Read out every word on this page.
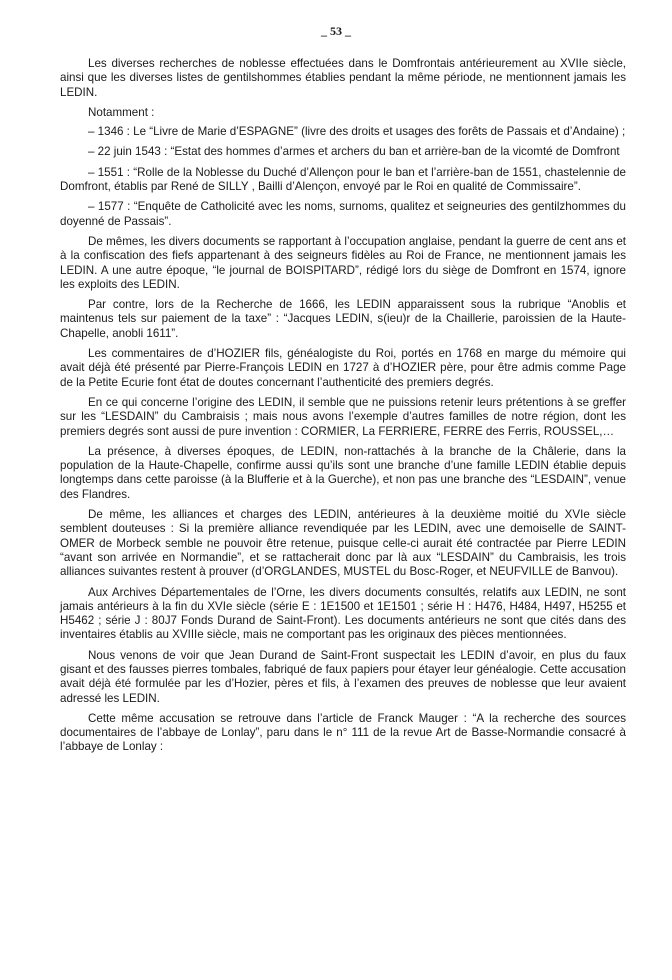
_ 53 _

Les diverses recherches de noblesse effectuées dans le Domfrontais antérieurement au XVIIe siècle, ainsi que les diverses listes de gentilshommes établies pendant la même période, ne mentionnent jamais les LEDIN.

Notamment :

– 1346 : Le “Livre de Marie d’ESPAGNE” (livre des droits et usages des forêts de Passais et d’Andaine) ;

– 22 juin 1543 : “Estat des hommes d’armes et archers du ban et arrière-ban de la vicomté de Domfront

– 1551 : “Rolle de la Noblesse du Duché d’Allençon pour le ban et l’arrière-ban de 1551, chastelennie de Domfront, établis par René de SILLY , Bailli d’Alençon, envoyé par le Roi en qualité de Commissaire”.

– 1577 : “Enquête de Catholicité avec les noms, surnoms, qualitez et seigneuries des gentilzhommes du doyenné de Passais”.

De mêmes, les divers documents se rapportant à l’occupation anglaise, pendant la guerre de cent ans et à la confiscation des fiefs appartenant à des seigneurs fidèles au Roi de France, ne mentionnent jamais les LEDIN. A une autre époque, “le journal de BOISPITARD”, rédigé lors du siège de Domfront en 1574, ignore les exploits des LEDIN.

Par contre, lors de la Recherche de 1666, les LEDIN apparaissent sous la rubrique “Anoblis et maintenus tels sur paiement de la taxe” : “Jacques LEDIN, s(ieu)r de la Chaillerie, paroissien de la Haute-Chapelle, anobli 1611”.

Les commentaires de d’HOZIER fils, généalogiste du Roi, portés en 1768 en marge du mémoire qui avait déjà été présenté par Pierre-François LEDIN en 1727 à d’HOZIER père, pour être admis comme Page de la Petite Ecurie font état de doutes concernant l’authenticité des premiers degrés.

En ce qui concerne l’origine des LEDIN, il semble que ne puissions retenir leurs prétentions à se greffer sur les “LESDAIN” du Cambraisis ; mais nous avons l’exemple d’autres familles de notre région, dont les premiers degrés sont aussi de pure invention : CORMIER, La FERRIERE, FERRE des Ferris, ROUSSEL,…

La présence, à diverses époques, de LEDIN, non-rattachés à la branche de la Châlerie, dans la population de la Haute-Chapelle, confirme aussi qu’ils sont une branche d’une famille LEDIN établie depuis longtemps dans cette paroisse (à la Blufferie et à la Guerche), et non pas une branche des “LESDAIN”, venue des Flandres.

De même, les alliances et charges des LEDIN, antérieures à la deuxième moitié du XVIe siècle semblent douteuses : Si la première alliance revendiquée par les LEDIN, avec une demoiselle de SAINT-OMER de Morbeck semble ne pouvoir être retenue, puisque celle-ci aurait été contractée par Pierre LEDIN “avant son arrivée en Normandie”, et se rattacherait donc par là aux “LESDAIN” du Cambraisis, les trois alliances suivantes restent à prouver (d’ORGLANDES, MUSTEL du Bosc-Roger, et NEUFVILLE de Banvou).

Aux Archives Départementales de l’Orne, les divers documents consultés, relatifs aux LEDIN, ne sont jamais antérieurs à la fin du XVIe siècle (série E : 1E1500 et 1E1501 ; série H : H476, H484, H497, H5255 et H5462 ; série J : 80J7 Fonds Durand de Saint-Front). Les documents antérieurs ne sont que cités dans des inventaires établis au XVIIIe siècle, mais ne comportant pas les originaux des pièces mentionnées.

Nous venons de voir que Jean Durand de Saint-Front suspectait les LEDIN d’avoir, en plus du faux gisant et des fausses pierres tombales, fabriqué de faux papiers pour étayer leur généalogie. Cette accusation avait déjà été formulée par les d’Hozier, pères et fils, à l’examen des preuves de noblesse que leur avaient adressé les LEDIN.

Cette même accusation se retrouve dans l’article de Franck Mauger : “A la recherche des sources documentaires de l’abbaye de Lonlay”, paru dans le n° 111 de la revue Art de Basse-Normandie consacré à l’abbaye de Lonlay :
